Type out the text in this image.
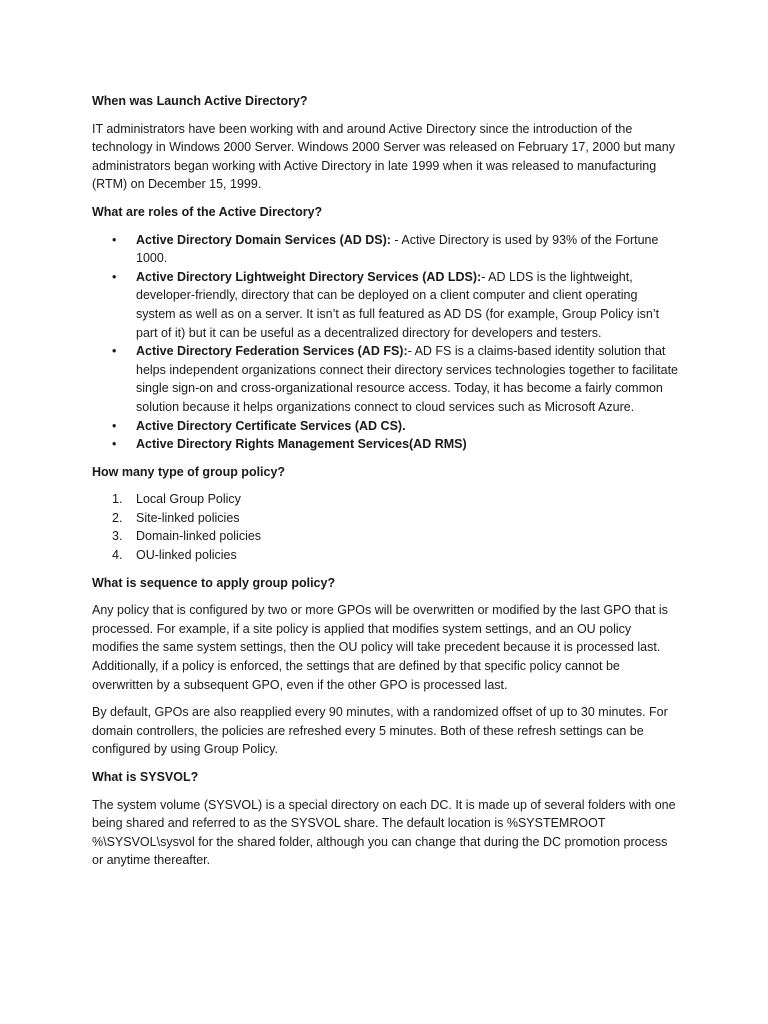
When was Launch Active Directory?

IT administrators have been working with and around Active Directory since the introduction of the technology in Windows 2000 Server. Windows 2000 Server was released on February 17, 2000 but many administrators began working with Active Directory in late 1999 when it was released to manufacturing (RTM) on December 15, 1999.

What are roles of the Active Directory?

• Active Directory Domain Services (AD DS): - Active Directory is used by 93% of the Fortune 1000.
• Active Directory Lightweight Directory Services (AD LDS):- AD LDS is the lightweight, developer-friendly, directory that can be deployed on a client computer and client operating system as well as on a server. It isn’t as full featured as AD DS (for example, Group Policy isn’t part of it) but it can be useful as a decentralized directory for developers and testers.
• Active Directory Federation Services (AD FS):- AD FS is a claims-based identity solution that helps independent organizations connect their directory services technologies together to facilitate single sign-on and cross-organizational resource access. Today, it has become a fairly common solution because it helps organizations connect to cloud services such as Microsoft Azure.
• Active Directory Certificate Services (AD CS).
• Active Directory Rights Management Services(AD RMS)

How many type of group policy?

1. Local Group Policy
2. Site-linked policies
3. Domain-linked policies
4. OU-linked policies

What is sequence to apply group policy?

Any policy that is configured by two or more GPOs will be overwritten or modified by the last GPO that is processed. For example, if a site policy is applied that modifies system settings, and an OU policy modifies the same system settings, then the OU policy will take precedent because it is processed last. Additionally, if a policy is enforced, the settings that are defined by that specific policy cannot be overwritten by a subsequent GPO, even if the other GPO is processed last.

By default, GPOs are also reapplied every 90 minutes, with a randomized offset of up to 30 minutes. For domain controllers, the policies are refreshed every 5 minutes. Both of these refresh settings can be configured by using Group Policy.

What is SYSVOL?

The system volume (SYSVOL) is a special directory on each DC. It is made up of several folders with one being shared and referred to as the SYSVOL share. The default location is %SYSTEMROOT %\SYSVOL\sysvol for the shared folder, although you can change that during the DC promotion process or anytime thereafter.
